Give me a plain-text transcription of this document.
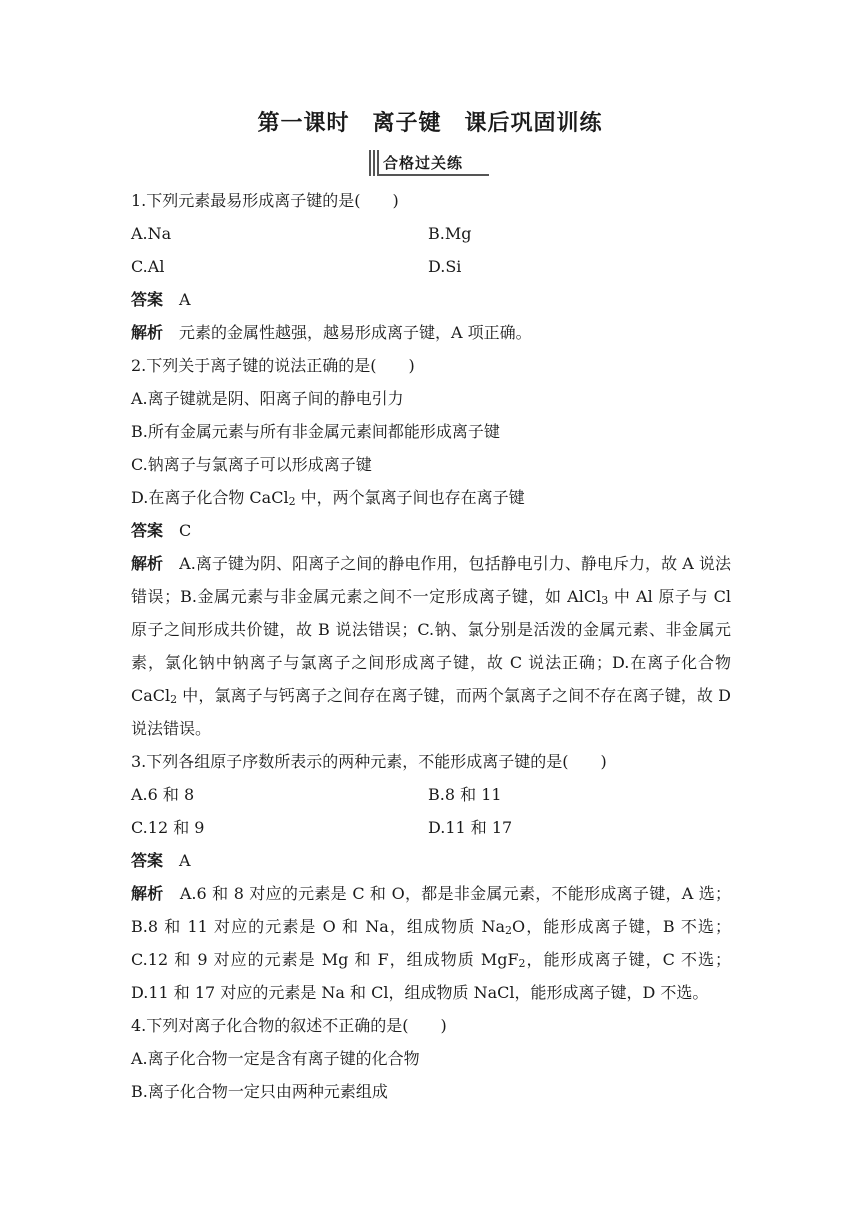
第一课时　离子键　课后巩固训练
合格过关练
1.下列元素最易形成离子键的是(　　)
A.Na	B.Mg
C.Al	D.Si
答案　 A
解析　 元素的金属性越强，越易形成离子键，A 项正确。
2.下列关于离子键的说法正确的是(　　)
A.离子键就是阴、阳离子间的静电引力
B.所有金属元素与所有非金属元素间都能形成离子键
C.钠离子与氯离子可以形成离子键
D.在离子化合物 CaCl$_2$ 中，两个氯离子间也存在离子键
答案　 C
解析　 A.离子键为阴、阳离子之间的静电作用，包括静电引力、静电斥力，故 A 说法错误；B.金属元素与非金属元素之间不一定形成离子键，如 AlCl$_3$ 中 Al 原子与 Cl 原子之间形成共价键，故 B 说法错误；C.钠、氯分别是活泼的金属元素、非金属元素，氯化钠中钠离子与氯离子之间形成离子键，故 C 说法正确；D.在离子化合物 CaCl$_2$ 中，氯离子与钙离子之间存在离子键，而两个氯离子之间不存在离子键，故 D 说法错误。
3.下列各组原子序数所表示的两种元素，不能形成离子键的是(　　)
A.6 和 8	B.8 和 11
C.12 和 9	D.11 和 17
答案　 A
解析　 A.6 和 8 对应的元素是 C 和 O，都是非金属元素，不能形成离子键，A 选；B.8 和 11 对应的元素是 O 和 Na，组成物质 $Na_2O$，能形成离子键，B 不选；C.12 和 9 对应的元素是 Mg 和 F，组成物质 MgF$_2$，能形成离子键，C 不选；D.11 和 17 对应的元素是 Na 和 Cl，组成物质 NaCl，能形成离子键，D 不选。
4.下列对离子化合物的叙述不正确的是(　　)
A.离子化合物一定是含有离子键的化合物
B.离子化合物一定只由两种元素组成
